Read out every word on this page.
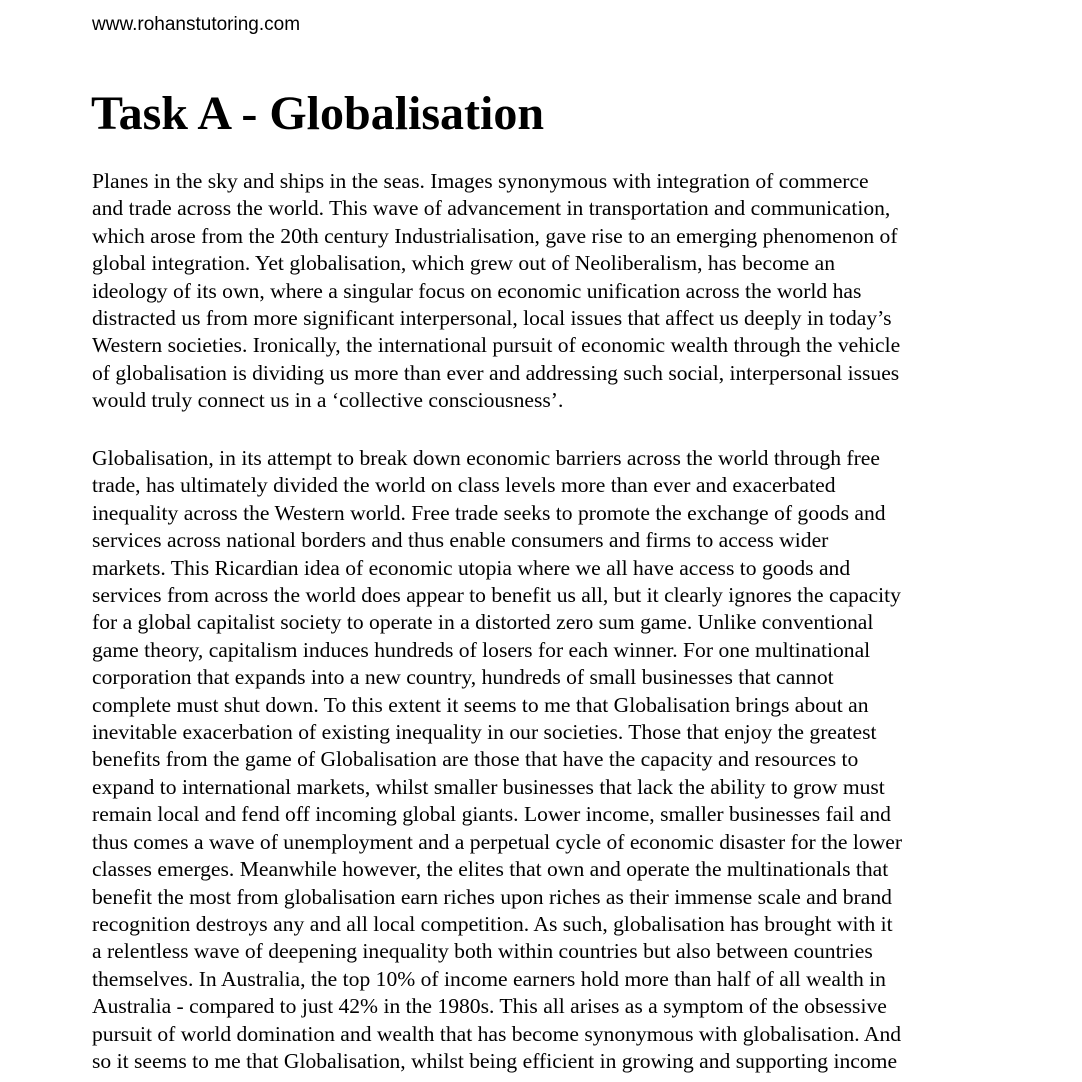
www.rohanstutoring.com
Task A - Globalisation

Planes in the sky and ships in the seas. Images synonymous with integration of commerce
and trade across the world. This wave of advancement in transportation and communication,
which arose from the 20th century Industrialisation, gave rise to an emerging phenomenon of
global integration. Yet globalisation, which grew out of Neoliberalism, has become an
ideology of its own, where a singular focus on economic unification across the world has
distracted us from more significant interpersonal, local issues that affect us deeply in today’s
Western societies. Ironically, the international pursuit of economic wealth through the vehicle
of globalisation is dividing us more than ever and addressing such social, interpersonal issues
would truly connect us in a ‘collective consciousness’.

Globalisation, in its attempt to break down economic barriers across the world through free
trade, has ultimately divided the world on class levels more than ever and exacerbated
inequality across the Western world. Free trade seeks to promote the exchange of goods and
services across national borders and thus enable consumers and firms to access wider
markets. This Ricardian idea of economic utopia where we all have access to goods and
services from across the world does appear to benefit us all, but it clearly ignores the capacity
for a global capitalist society to operate in a distorted zero sum game. Unlike conventional
game theory, capitalism induces hundreds of losers for each winner. For one multinational
corporation that expands into a new country, hundreds of small businesses that cannot
complete must shut down. To this extent it seems to me that Globalisation brings about an
inevitable exacerbation of existing inequality in our societies. Those that enjoy the greatest
benefits from the game of Globalisation are those that have the capacity and resources to
expand to international markets, whilst smaller businesses that lack the ability to grow must
remain local and fend off incoming global giants. Lower income, smaller businesses fail and
thus comes a wave of unemployment and a perpetual cycle of economic disaster for the lower
classes emerges. Meanwhile however, the elites that own and operate the multinationals that
benefit the most from globalisation earn riches upon riches as their immense scale and brand
recognition destroys any and all local competition. As such, globalisation has brought with it
a relentless wave of deepening inequality both within countries but also between countries
themselves. In Australia, the top 10% of income earners hold more than half of all wealth in
Australia - compared to just 42% in the 1980s. This all arises as a symptom of the obsessive
pursuit of world domination and wealth that has become synonymous with globalisation. And
so it seems to me that Globalisation, whilst being efficient in growing and supporting income
